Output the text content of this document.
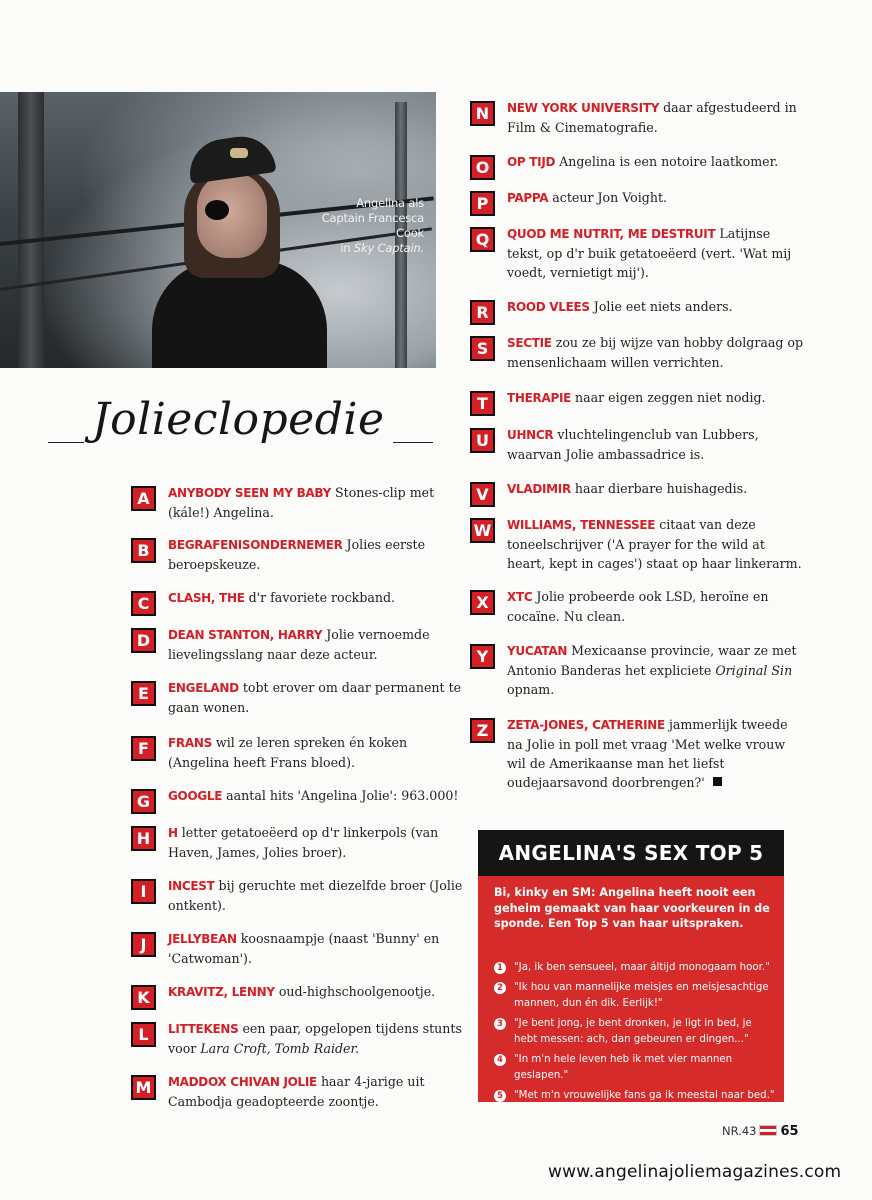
Angelina als
Captain Francesca Cook
in Sky Captain.
Jolieclopedie
A	ANYBODY SEEN MY BABY Stones-clip met (kále!) Angelina.
B	BEGRAFENISONDERNEMER Jolies eerste beroepskeuze.
C	CLASH, THE d'r favoriete rockband.
D	DEAN STANTON, HARRY Jolie vernoemde lievelingsslang naar deze acteur.
E	ENGELAND tobt erover om daar permanent te gaan wonen.
F	FRANS wil ze leren spreken én koken (Angelina heeft Frans bloed).
G	GOOGLE aantal hits 'Angelina Jolie': 963.000!
H	H letter getatoeëerd op d'r linkerpols (van Haven, James, Jolies broer).
I	INCEST bij geruchte met diezelfde broer (Jolie ontkent).
J	JELLYBEAN koosnaampje (naast 'Bunny' en 'Catwoman').
K	KRAVITZ, LENNY oud-highschoolgenootje.
L	LITTEKENS een paar, opgelopen tijdens stunts voor Lara Croft, Tomb Raider.
M	MADDOX CHIVAN JOLIE haar 4-jarige uit Cambodja geadopteerde zoontje.
N	NEW YORK UNIVERSITY daar afgestudeerd in Film & Cinematografie.
O	OP TIJD Angelina is een notoire laatkomer.
P	PAPPA acteur Jon Voight.
Q	QUOD ME NUTRIT, ME DESTRUIT Latijnse tekst, op d'r buik getatoeëerd (vert. 'Wat mij voedt, vernietigt mij').
R	ROOD VLEES Jolie eet niets anders.
S	SECTIE zou ze bij wijze van hobby dolgraag op mensenlichaam willen verrichten.
T	THERAPIE naar eigen zeggen niet nodig.
U	UHNCR vluchtelingenclub van Lubbers, waarvan Jolie ambassadrice is.
V	VLADIMIR haar dierbare huishagedis.
W	WILLIAMS, TENNESSEE citaat van deze toneelschrijver ('A prayer for the wild at heart, kept in cages') staat op haar linkerarm.
X	XTC Jolie probeerde ook LSD, heroïne en cocaïne. Nu clean.
Y	YUCATAN Mexicaanse provincie, waar ze met Antonio Banderas het expliciete Original Sin opnam.
Z	ZETA-JONES, CATHERINE jammerlijk tweede na Jolie in poll met vraag 'Met welke vrouw wil de Amerikaanse man het liefst oudejaarsavond doorbrengen?'
ANGELINA'S SEX TOP 5
Bi, kinky en SM: Angelina heeft nooit een geheim gemaakt van haar voorkeuren in de sponde. Een Top 5 van haar uitspraken.
1 "Ja, ik ben sensueel, maar áltijd monogaam hoor."
2 "Ik hou van mannelijke meisjes en meisjesachtige mannen, dun én dik. Eerlijk!"
3 "Je bent jong, je bent dronken, je ligt in bed, je hebt messen: ach, dan gebeuren er dingen..."
4 "In m'n hele leven heb ik met vier mannen geslapen."
5 "Met m'n vrouwelijke fans ga ik meestal naar bed."
NR.43 65
www.angelinajoliemagazines.com
